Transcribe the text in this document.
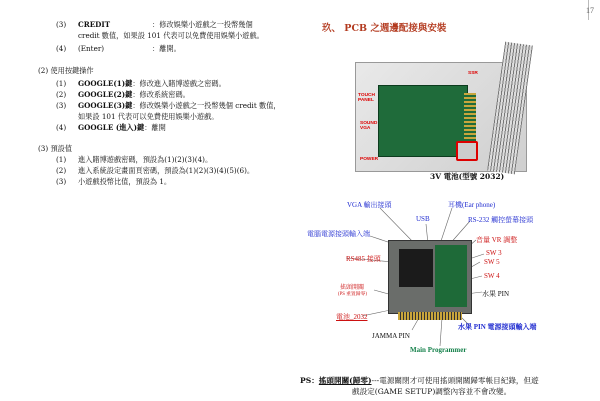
17
(3) CREDIT	：修改娛樂小遊戲之一投幣幾個
credit 數值，如果設 101 代表可以免費使用娛樂小遊戲。
(4) (Enter)	：離開。
(2) 使用按鍵操作
(1) GOOGLE(1)鍵：修改進入賭博遊戲之密碼。
(2) GOOGLE(2)鍵：修改系統密碼。
(3) GOOGLE(3)鍵：修改娛樂小遊戲之一投幣幾個 credit 數值，
如果設 101 代表可以免費使用娛樂小遊戲。
(4) GOOGLE (進入)鍵：離開
(3) 預設值
(1) 進入賭博遊戲密碼，預設為(1)(2)(3)(4)。
(2) 進入系統設定畫面頁密碼，預設為(1)(2)(3)(4)(5)(6)。
(3) 小遊戲投幣比值，預設為 1。
玖、 PCB 之週邊配接與安裝
SSR
TOUCH
PANEL
SOUND
VGA
POWER
3V 電池(型號 2032)
VGA 輸出接頭	耳機(Ear phone)
USB	RS-232 觸控螢幕接頭
電腦電源接頭輸入端
音量 VR 調整
SW 3
RS485 接頭	SW 5
SW 4
水果 PIN
搖頭開關
(PS 重置歸零)
電池_2032
水果 PIN 電源接頭輸入端
JAMMA PIN
Main Programmer
PS：搖頭開關(歸零)---電源關閉才可使用搖頭開關歸零帳目紀錄，但遊
戲設定(GAME SETUP)調整內容並不會改變。
